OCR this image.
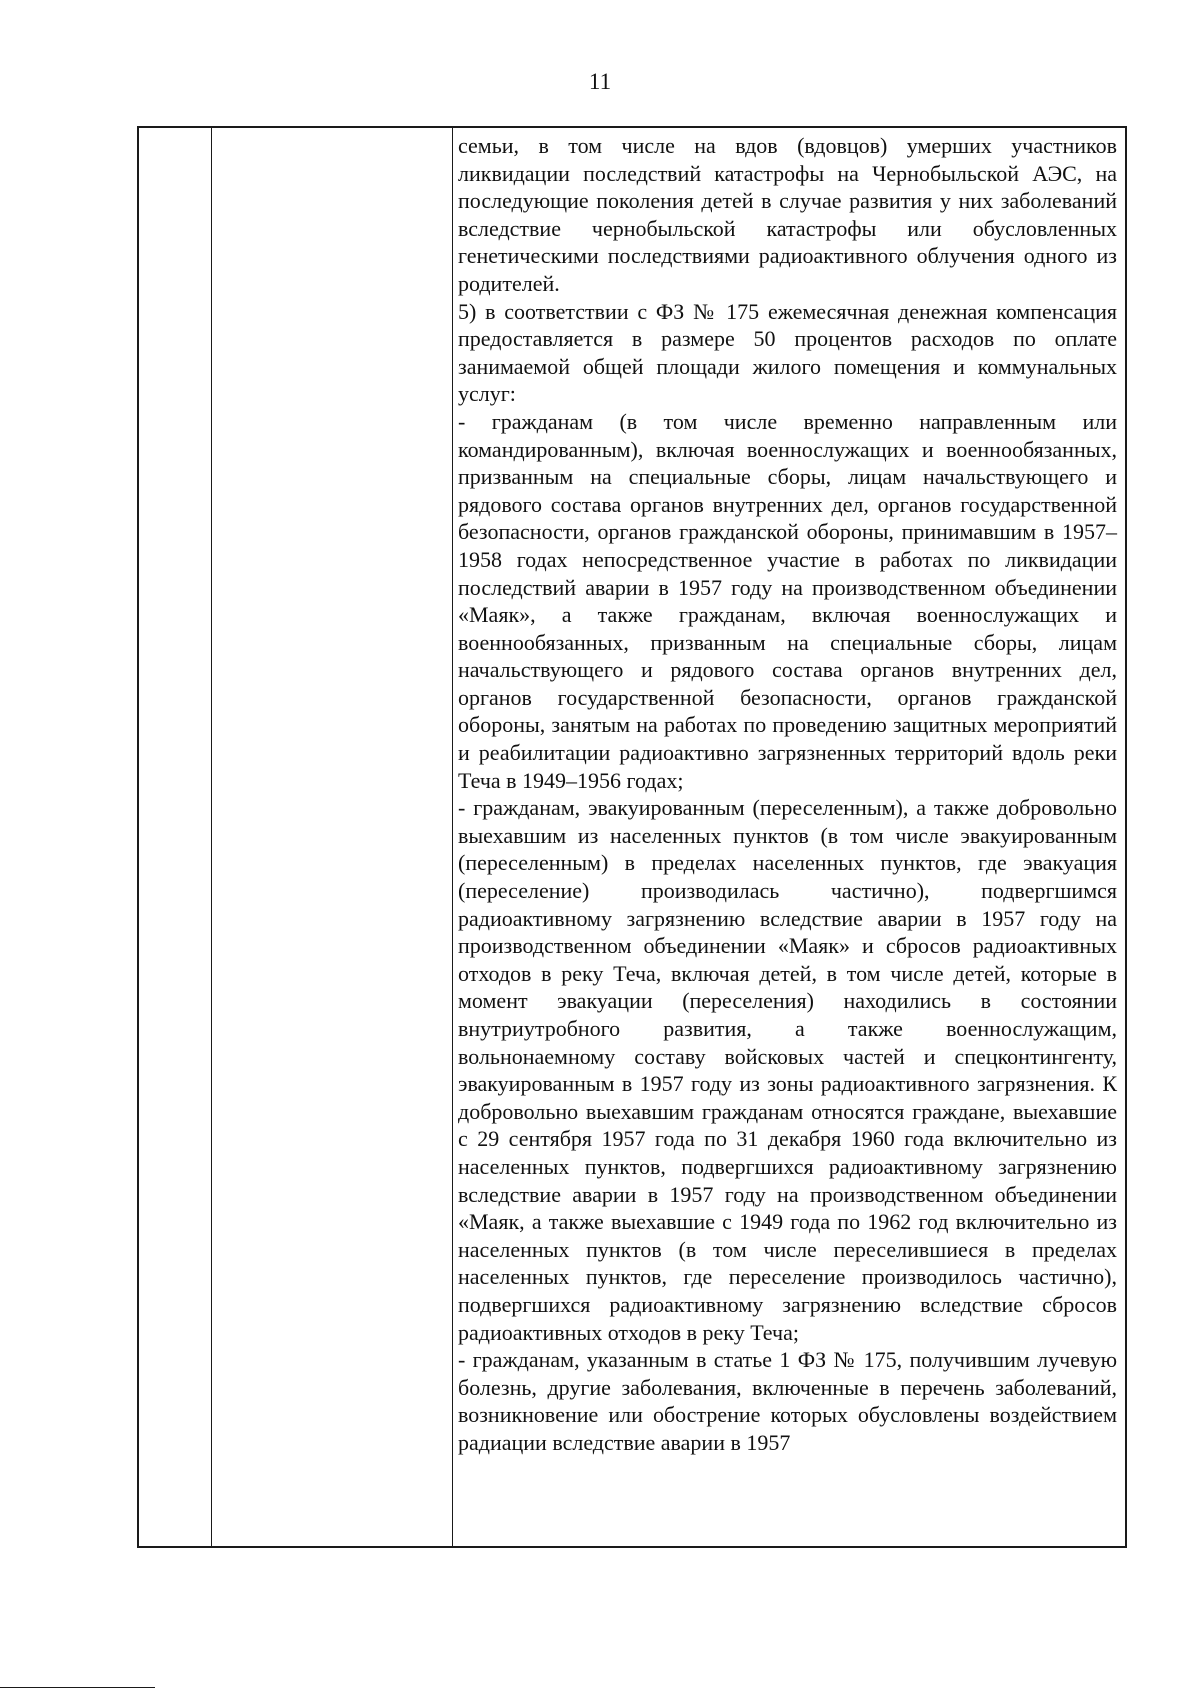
11

семьи, в том числе на вдов (вдовцов) умерших участников ликвидации последствий катастрофы на Чернобыльской АЭС, на последующие поколения детей в случае развития у них заболеваний вследствие чернобыльской катастрофы или обусловленных генетическими последствиями радиоактивного облучения одного из родителей.

5) в соответствии с ФЗ № 175 ежемесячная денежная компенсация предоставляется в размере 50 процентов расходов по оплате занимаемой общей площади жилого помещения и коммунальных услуг:

- гражданам (в том числе временно направленным или командированным), включая военнослужащих и военнообязанных, призванным на специальные сборы, лицам начальствующего и рядового состава органов внутренних дел, органов государственной безопасности, органов гражданской обороны, принимавшим в 1957–1958 годах непосредственное участие в работах по ликвидации последствий аварии в 1957 году на производственном объединении «Маяк», а также гражданам, включая военнослужащих и военнообязанных, призванным на специальные сборы, лицам начальствующего и рядового состава органов внутренних дел, органов государственной безопасности, органов гражданской обороны, занятым на работах по проведению защитных мероприятий и реабилитации радиоактивно загрязненных территорий вдоль реки Теча в 1949–1956 годах;

- гражданам, эвакуированным (переселенным), а также добровольно выехавшим из населенных пунктов (в том числе эвакуированным (переселенным) в пределах населенных пунктов, где эвакуация (переселение) производилась частично), подвергшимся радиоактивному загрязнению вследствие аварии в 1957 году на производственном объединении «Маяк» и сбросов радиоактивных отходов в реку Теча, включая детей, в том числе детей, которые в момент эвакуации (переселения) находились в состоянии внутриутробного развития, а также военнослужащим, вольнонаемному составу войсковых частей и спецконтингенту, эвакуированным в 1957 году из зоны радиоактивного загрязнения. К добровольно выехавшим гражданам относятся граждане, выехавшие с 29 сентября 1957 года по 31 декабря 1960 года включительно из населенных пунктов, подвергшихся радиоактивному загрязнению вследствие аварии в 1957 году на производственном объединении «Маяк, а также выехавшие с 1949 года по 1962 год включительно из населенных пунктов (в том числе переселившиеся в пределах населенных пунктов, где переселение производилось частично), подвергшихся радиоактивному загрязнению вследствие сбросов радиоактивных отходов в реку Теча;

- гражданам, указанным в статье 1 ФЗ № 175, получившим лучевую болезнь, другие заболевания, включенные в перечень заболеваний, возникновение или обострение которых обусловлены воздействием радиации вследствие аварии в 1957
